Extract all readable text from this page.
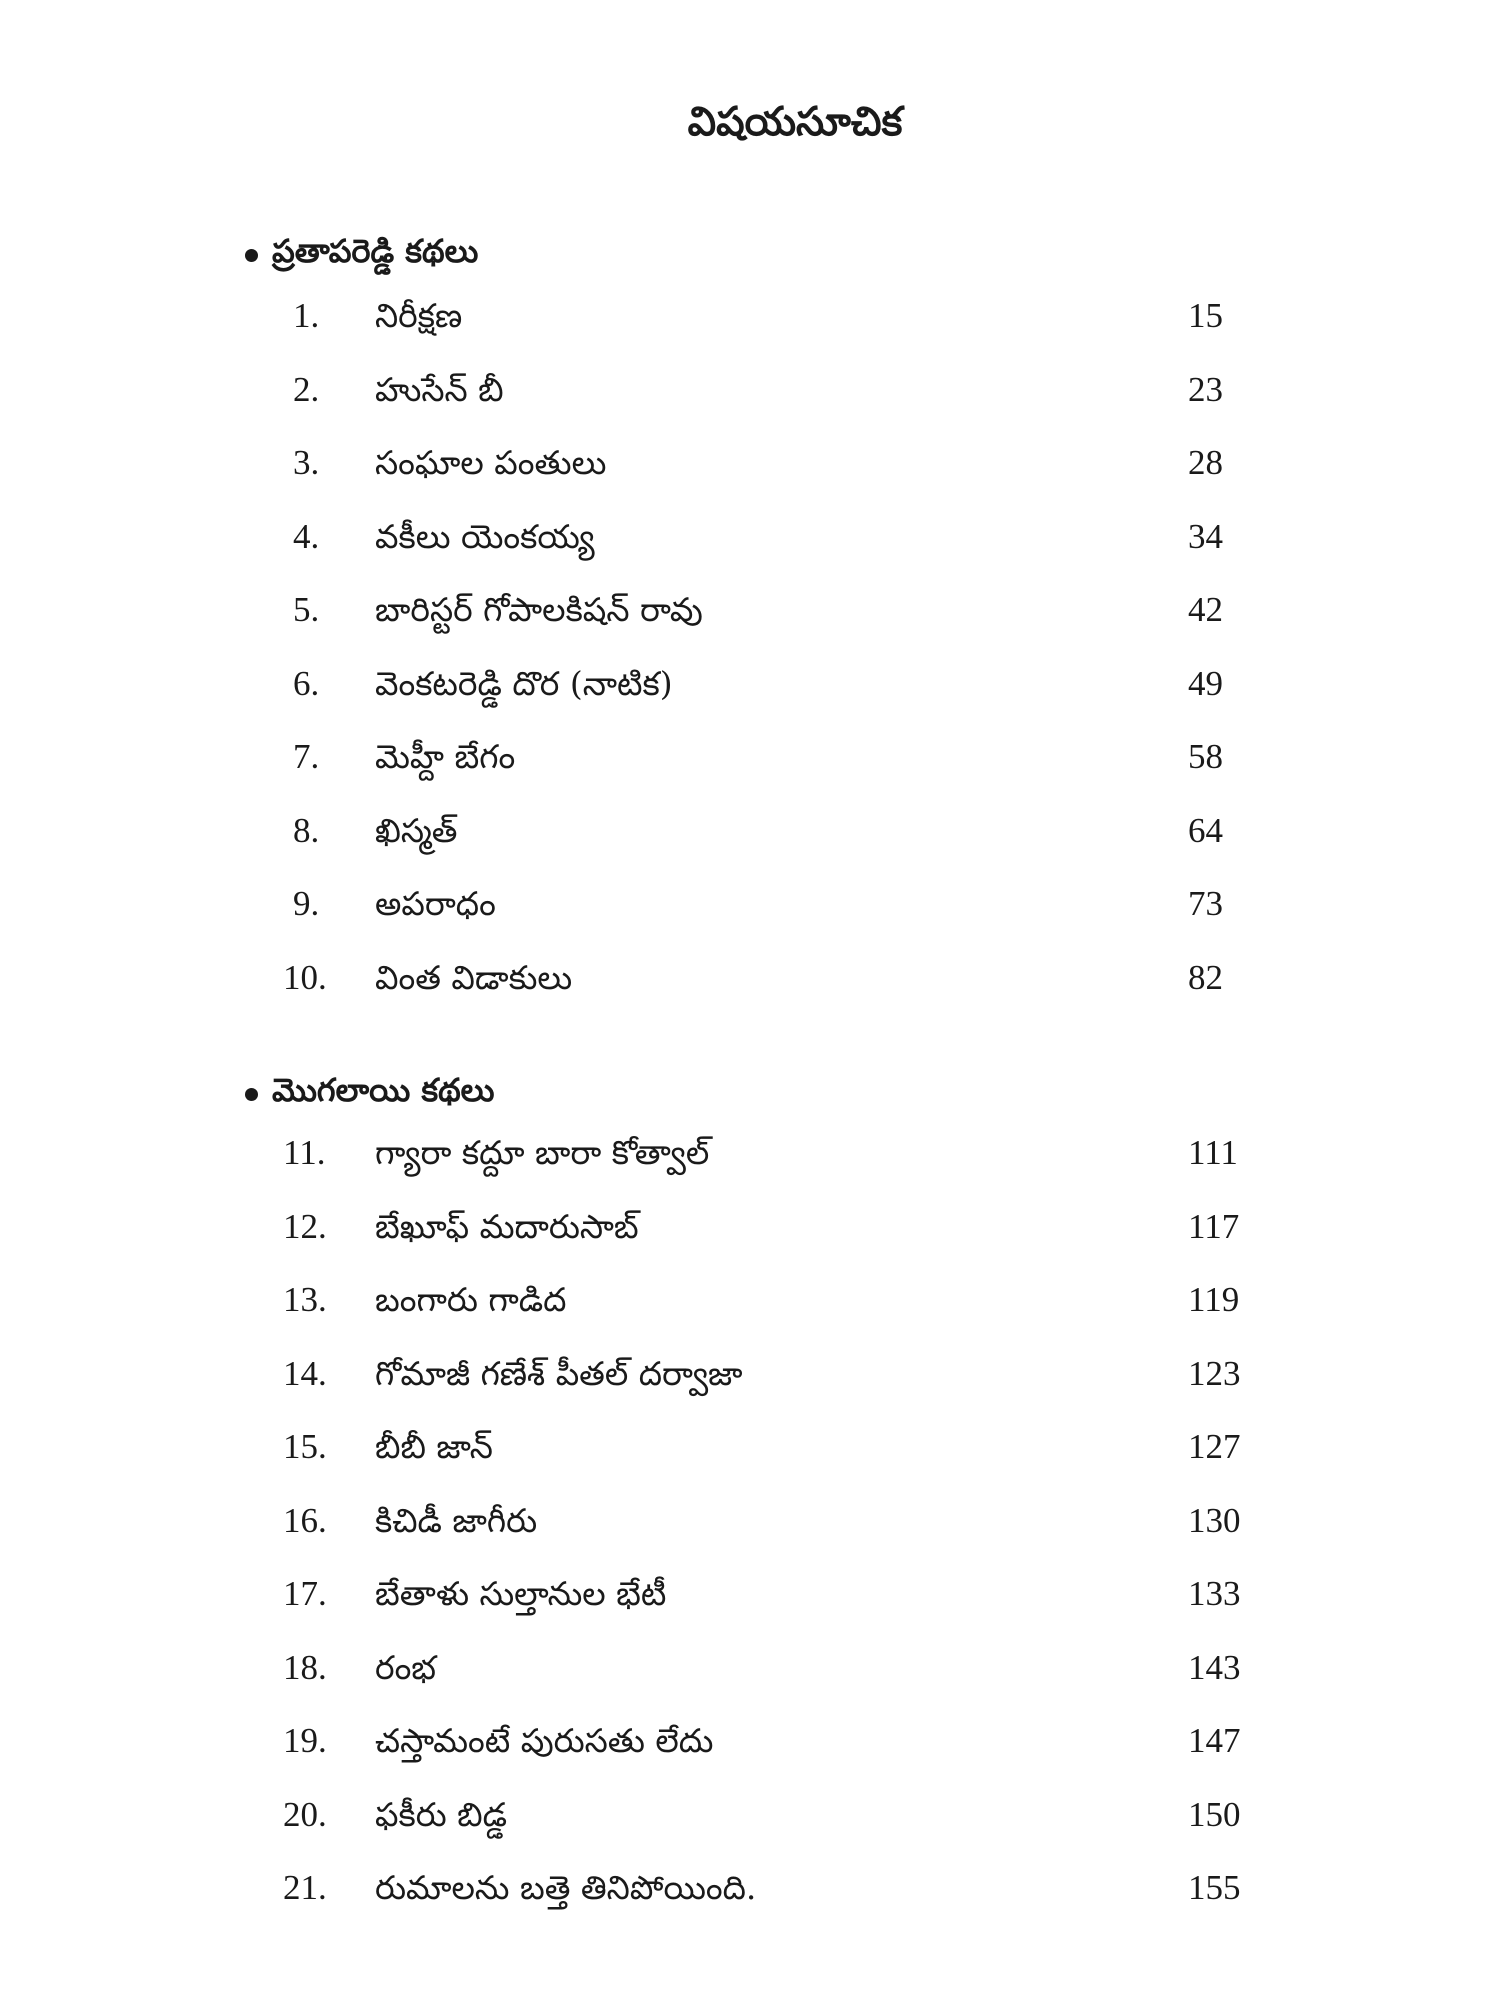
విషయసూచిక
ప్రతాపరెడ్డి కథలు
1.	నిరీక్షణ	15
2.	హుసేన్ బీ	23
3.	సంఘాల పంతులు	28
4.	వకీలు యెంకయ్య	34
5.	బారిస్టర్ గోపాలకిషన్ రావు	42
6.	వెంకటరెడ్డి దొర (నాటిక)	49
7.	మెహ్దీ బేగం	58
8.	ఖిస్మత్	64
9.	అపరాధం	73
10.	వింత విడాకులు	82
మొగలాయి కథలు
11.	గ్యారా కద్దూ బారా కోత్వాల్	111
12.	బేఖూఫ్ మదారుసాబ్	117
13.	బంగారు గాడిద	119
14.	గోమాజీ గణేశ్ పీతల్ దర్వాజా	123
15.	బీబీ జాన్	127
16.	కిచిడీ జాగీరు	130
17.	బేతాళు సుల్తానుల భేటీ	133
18.	రంభ	143
19.	చస్తామంటే పురుసతు లేదు	147
20.	ఫకీరు బిడ్డ	150
21.	రుమాలను బత్తె తినిపోయింది.	155
